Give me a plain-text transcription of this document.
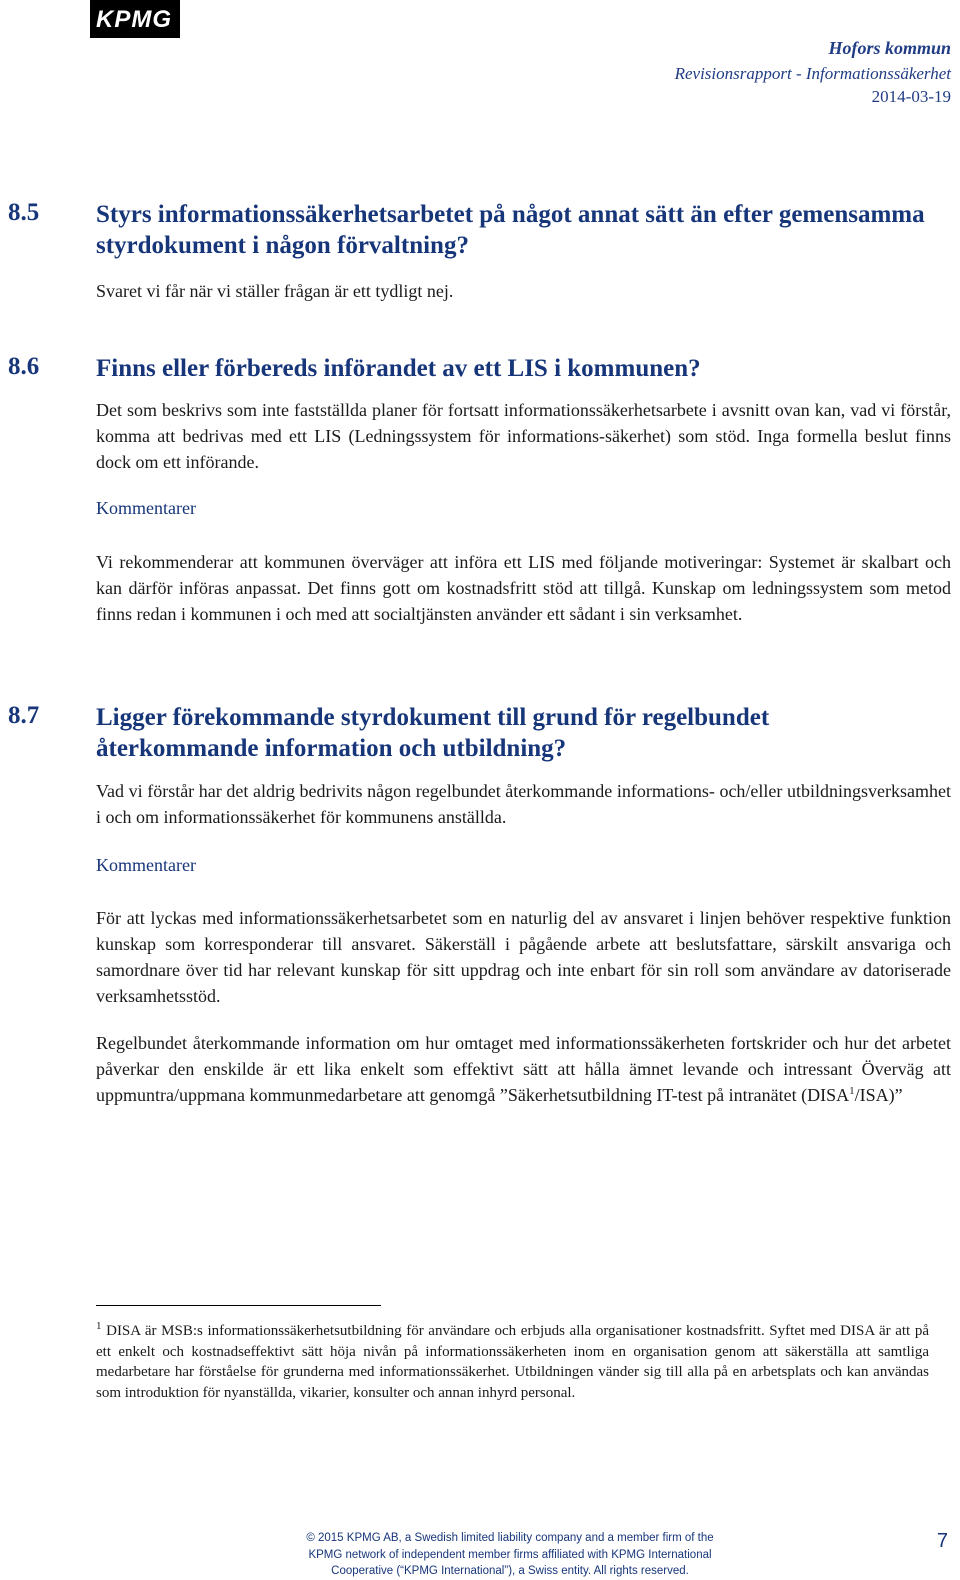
KPMG
Hofors kommun
Revisionsrapport - Informationssäkerhet
2014-03-19
8.5 Styrs informationssäkerhetsarbetet på något annat sätt än efter gemensamma styrdokument i någon förvaltning?
Svaret vi får när vi ställer frågan är ett tydligt nej.
8.6 Finns eller förbereds införandet av ett LIS i kommunen?
Det som beskrivs som inte fastställda planer för fortsatt informationssäkerhetsarbete i avsnitt ovan kan, vad vi förstår, komma att bedrivas med ett LIS (Ledningssystem för informations-säkerhet) som stöd. Inga formella beslut finns dock om ett införande.
Kommentarer
Vi rekommenderar att kommunen överväger att införa ett LIS med följande motiveringar: Systemet är skalbart och kan därför införas anpassat. Det finns gott om kostnadsfritt stöd att tillgå. Kunskap om ledningssystem som metod finns redan i kommunen i och med att socialtjänsten använder ett sådant i sin verksamhet.
8.7 Ligger förekommande styrdokument till grund för regelbundet återkommande information och utbildning?
Vad vi förstår har det aldrig bedrivits någon regelbundet återkommande informations- och/eller utbildningsverksamhet i och om informationssäkerhet för kommunens anställda.
Kommentarer
För att lyckas med informationssäkerhetsarbetet som en naturlig del av ansvaret i linjen behöver respektive funktion kunskap som korresponderar till ansvaret. Säkerställ i pågående arbete att beslutsfattare, särskilt ansvariga och samordnare över tid har relevant kunskap för sitt uppdrag och inte enbart för sin roll som användare av datoriserade verksamhetsstöd.
Regelbundet återkommande information om hur omtaget med informationssäkerheten fortskrider och hur det arbetet påverkar den enskilde är ett lika enkelt som effektivt sätt att hålla ämnet levande och intressant Överväg att uppmuntra/uppmana kommunmedarbetare att genomgå ”Säkerhetsutbildning IT-test på intranätet (DISA$^1$/ISA)”
$^1$ DISA är MSB:s informationssäkerhetsutbildning för användare och erbjuds alla organisationer kostnadsfritt. Syftet med DISA är att på ett enkelt och kostnadseffektivt sätt höja nivån på informationssäkerheten inom en organisation genom att säkerställa att samtliga medarbetare har förståelse för grunderna med informationssäkerhet. Utbildningen vänder sig till alla på en arbetsplats och kan användas som introduktion för nyanställda, vikarier, konsulter och annan inhyrd personal.
© 2015 KPMG AB, a Swedish limited liability company and a member firm of the
KPMG network of independent member firms affiliated with KPMG International
Cooperative (“KPMG International”), a Swiss entity. All rights reserved.
7
